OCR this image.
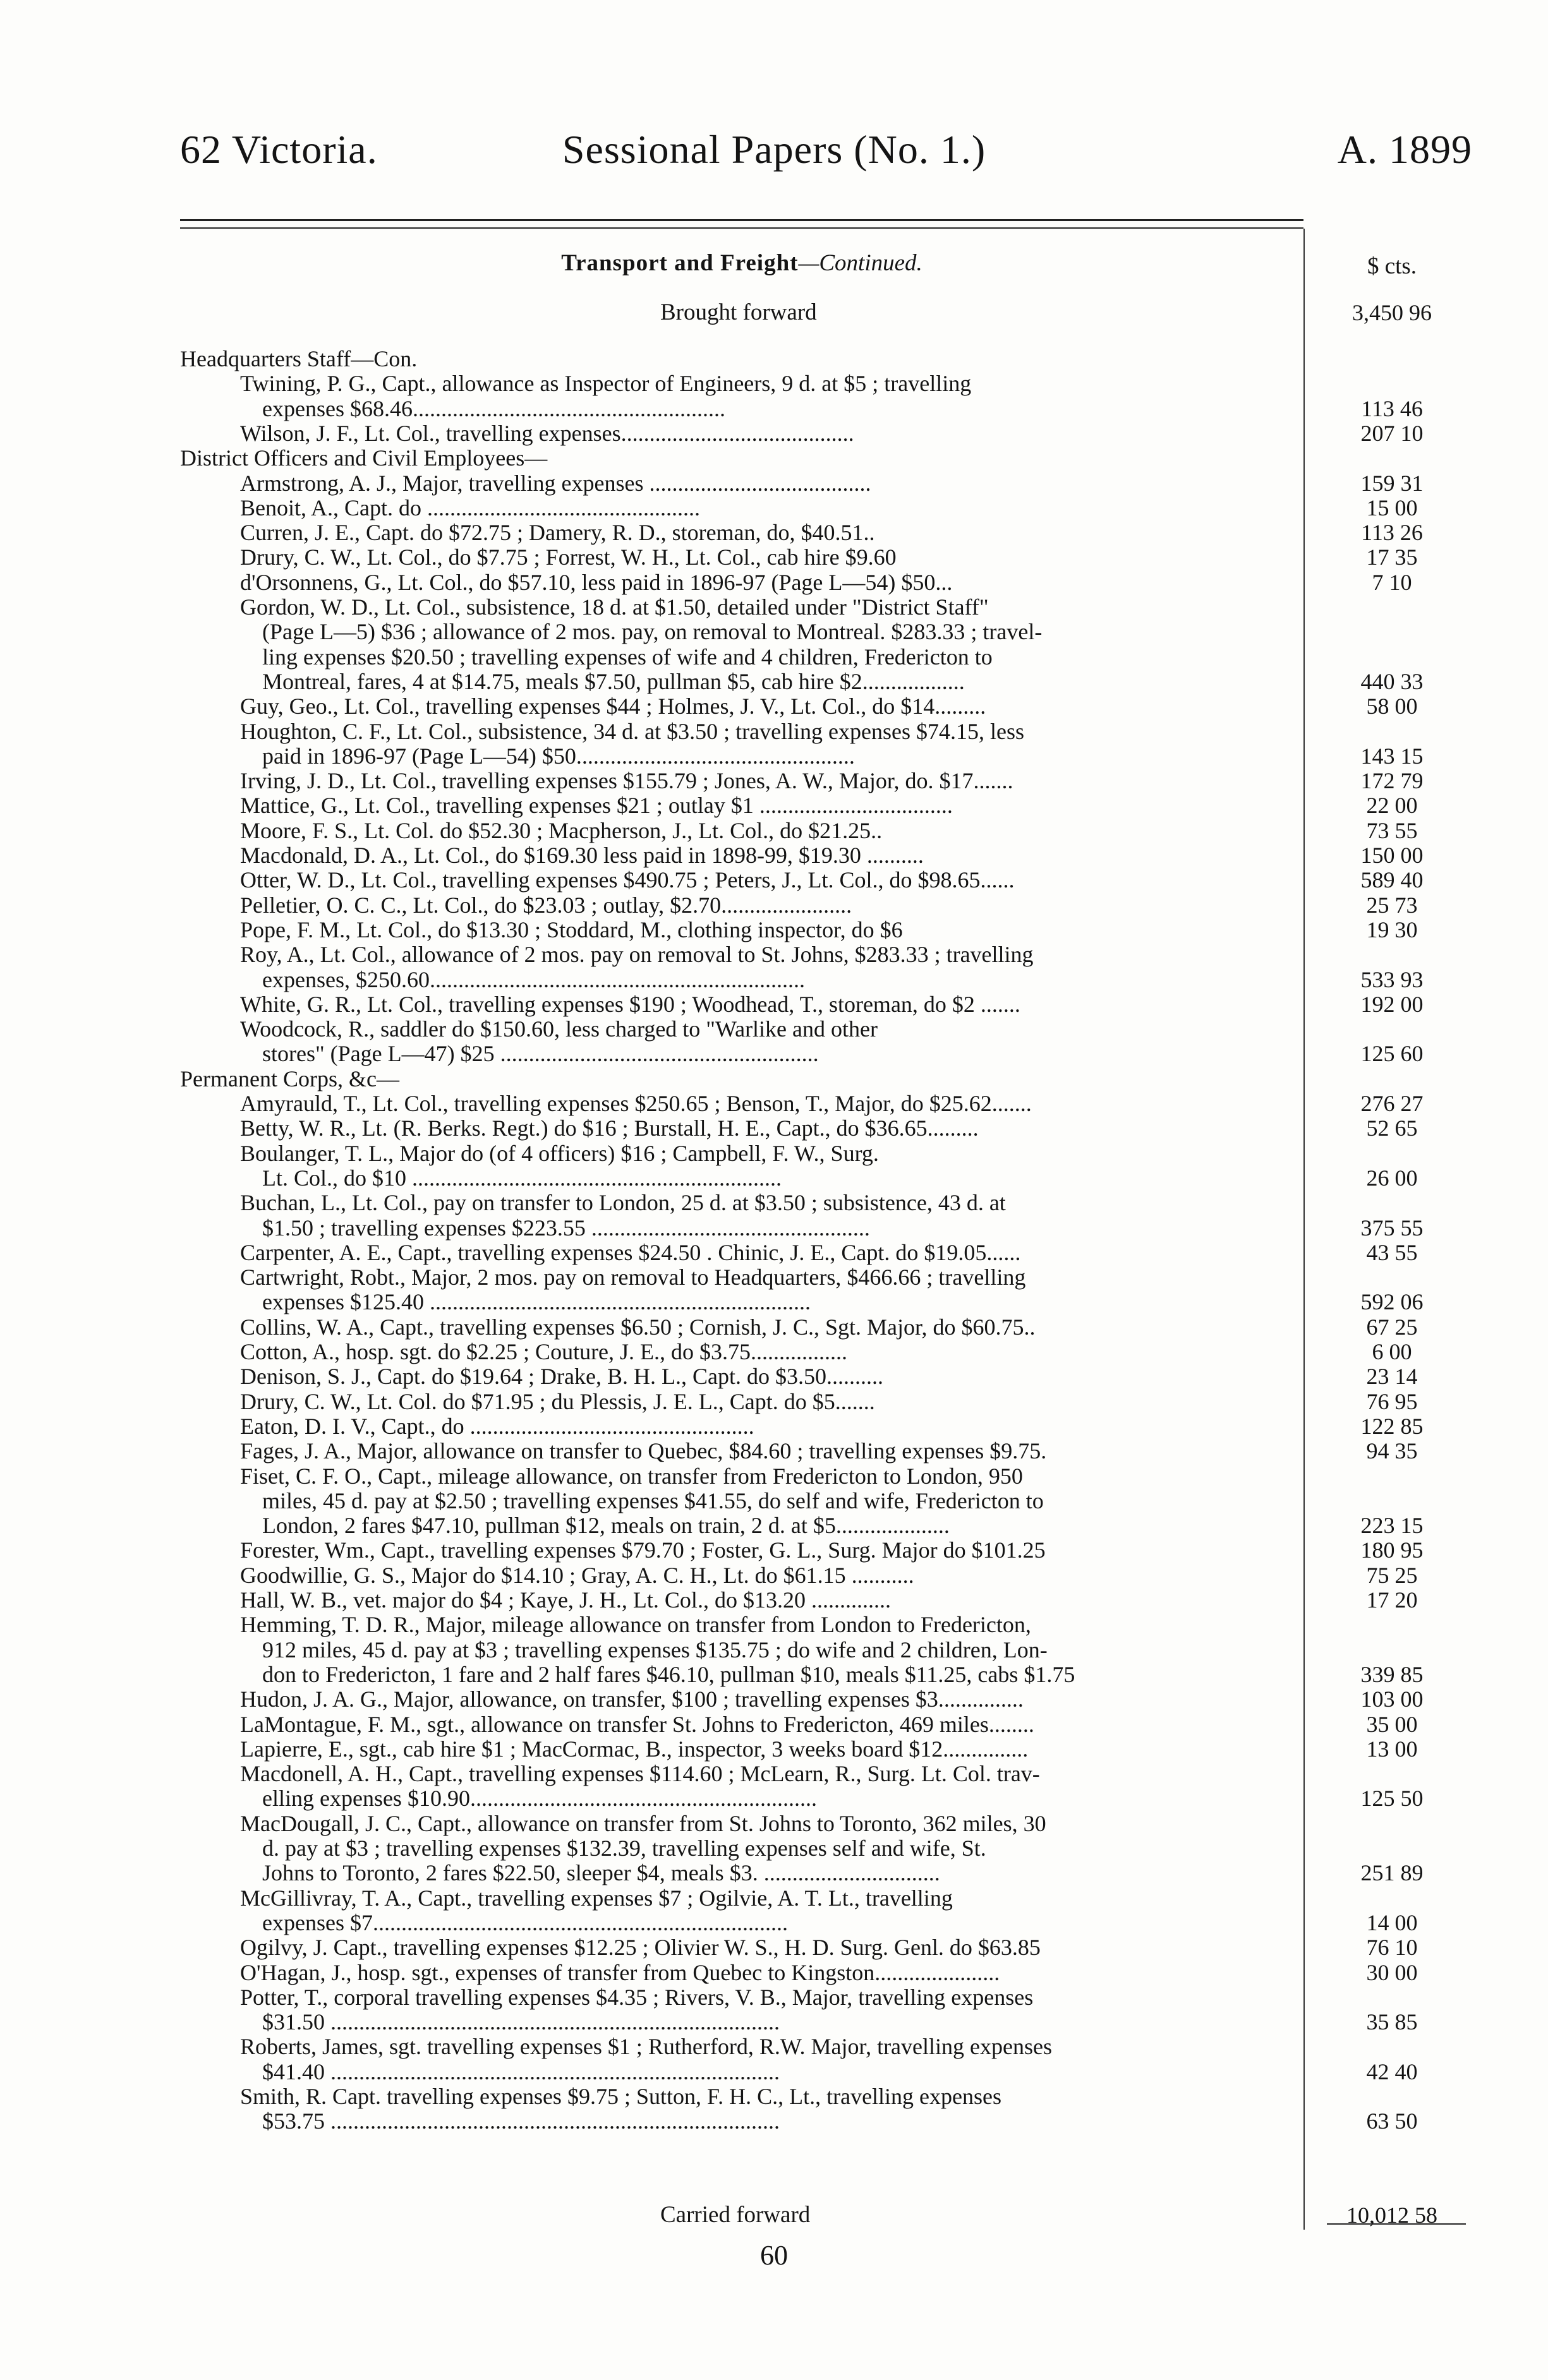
62 Victoria.	Sessional Papers (No. 1.)	A. 1899
Transport and Freight—Continued.	$ cts.
Brought forward	3,450 96
Headquarters Staff—Con.
Twining, P. G., Capt., allowance as Inspector of Engineers, 9 d. at $5 ; travelling
expenses $68.46.......................................................	113 46
Wilson, J. F., Lt. Col., travelling expenses.........................................	207 10
District Officers and Civil Employees—
Armstrong, A. J., Major, travelling expenses .......................................	159 31
Benoit, A., Capt. do ................................................	15 00
Curren, J. E., Capt. do $72.75 ; Damery, R. D., storeman, do, $40.51..	113 26
Drury, C. W., Lt. Col., do $7.75 ; Forrest, W. H., Lt. Col., cab hire $9.60	17 35
d'Orsonnens, G., Lt. Col., do $57.10, less paid in 1896-97 (Page L—54) $50...	7 10
Gordon, W. D., Lt. Col., subsistence, 18 d. at $1.50, detailed under "District Staff"
(Page L—5) $36 ; allowance of 2 mos. pay, on removal to Montreal. $283.33 ; travel-
ling expenses $20.50 ; travelling expenses of wife and 4 children, Fredericton to
Montreal, fares, 4 at $14.75, meals $7.50, pullman $5, cab hire $2..................	440 33
Guy, Geo., Lt. Col., travelling expenses $44 ; Holmes, J. V., Lt. Col., do $14.........	58 00
Houghton, C. F., Lt. Col., subsistence, 34 d. at $3.50 ; travelling expenses $74.15, less
paid in 1896-97 (Page L—54) $50.................................................	143 15
Irving, J. D., Lt. Col., travelling expenses $155.79 ; Jones, A. W., Major, do. $17.......	172 79
Mattice, G., Lt. Col., travelling expenses $21 ; outlay $1 ..................................	22 00
Moore, F. S., Lt. Col. do $52.30 ; Macpherson, J., Lt. Col., do $21.25..	73 55
Macdonald, D. A., Lt. Col., do $169.30 less paid in 1898-99, $19.30 ..........	150 00
Otter, W. D., Lt. Col., travelling expenses $490.75 ; Peters, J., Lt. Col., do $98.65......	589 40
Pelletier, O. C. C., Lt. Col., do $23.03 ; outlay, $2.70.......................	25 73
Pope, F. M., Lt. Col., do $13.30 ; Stoddard, M., clothing inspector, do $6	19 30
Roy, A., Lt. Col., allowance of 2 mos. pay on removal to St. Johns, $283.33 ; travelling
expenses, $250.60..................................................................	533 93
White, G. R., Lt. Col., travelling expenses $190 ; Woodhead, T., storeman, do $2 .......	192 00
Woodcock, R., saddler do $150.60, less charged to "Warlike and other
stores" (Page L—47) $25 ........................................................	125 60
Permanent Corps, &c—
Amyrauld, T., Lt. Col., travelling expenses $250.65 ; Benson, T., Major, do $25.62.......	276 27
Betty, W. R., Lt. (R. Berks. Regt.) do $16 ; Burstall, H. E., Capt., do $36.65.........	52 65
Boulanger, T. L., Major do (of 4 officers) $16 ; Campbell, F. W., Surg.
Lt. Col., do $10 .................................................................	26 00
Buchan, L., Lt. Col., pay on transfer to London, 25 d. at $3.50 ; subsistence, 43 d. at
$1.50 ; travelling expenses $223.55 .................................................	375 55
Carpenter, A. E., Capt., travelling expenses $24.50 . Chinic, J. E., Capt. do $19.05......	43 55
Cartwright, Robt., Major, 2 mos. pay on removal to Headquarters, $466.66 ; travelling
expenses $125.40 ...................................................................	592 06
Collins, W. A., Capt., travelling expenses $6.50 ; Cornish, J. C., Sgt. Major, do $60.75..	67 25
Cotton, A., hosp. sgt. do $2.25 ; Couture, J. E., do $3.75.................	6 00
Denison, S. J., Capt. do $19.64 ; Drake, B. H. L., Capt. do $3.50..........	23 14
Drury, C. W., Lt. Col. do $71.95 ; du Plessis, J. E. L., Capt. do $5.......	76 95
Eaton, D. I. V., Capt., do ..................................................	122 85
Fages, J. A., Major, allowance on transfer to Quebec, $84.60 ; travelling expenses $9.75.	94 35
Fiset, C. F. O., Capt., mileage allowance, on transfer from Fredericton to London, 950
miles, 45 d. pay at $2.50 ; travelling expenses $41.55, do self and wife, Fredericton to
London, 2 fares $47.10, pullman $12, meals on train, 2 d. at $5....................	223 15
Forester, Wm., Capt., travelling expenses $79.70 ; Foster, G. L., Surg. Major do $101.25	180 95
Goodwillie, G. S., Major do $14.10 ; Gray, A. C. H., Lt. do $61.15 ...........	75 25
Hall, W. B., vet. major do $4 ; Kaye, J. H., Lt. Col., do $13.20 ..............	17 20
Hemming, T. D. R., Major, mileage allowance on transfer from London to Fredericton,
912 miles, 45 d. pay at $3 ; travelling expenses $135.75 ; do wife and 2 children, Lon-
don to Fredericton, 1 fare and 2 half fares $46.10, pullman $10, meals $11.25, cabs $1.75	339 85
Hudon, J. A. G., Major, allowance, on transfer, $100 ; travelling expenses $3...............	103 00
LaMontague, F. M., sgt., allowance on transfer St. Johns to Fredericton, 469 miles........	35 00
Lapierre, E., sgt., cab hire $1 ; MacCormac, B., inspector, 3 weeks board $12...............	13 00
Macdonell, A. H., Capt., travelling expenses $114.60 ; McLearn, R., Surg. Lt. Col. trav-
elling expenses $10.90.............................................................	125 50
MacDougall, J. C., Capt., allowance on transfer from St. Johns to Toronto, 362 miles, 30
d. pay at $3 ; travelling expenses $132.39, travelling expenses self and wife, St.
Johns to Toronto, 2 fares $22.50, sleeper $4, meals $3. ...............................	251 89
McGillivray, T. A., Capt., travelling expenses $7 ; Ogilvie, A. T. Lt., travelling
expenses $7.........................................................................	14 00
Ogilvy, J. Capt., travelling expenses $12.25 ; Olivier W. S., H. D. Surg. Genl. do $63.85	76 10
O'Hagan, J., hosp. sgt., expenses of transfer from Quebec to Kingston......................	30 00
Potter, T., corporal travelling expenses $4.35 ; Rivers, V. B., Major, travelling expenses
$31.50 ...............................................................................	35 85
Roberts, James, sgt. travelling expenses $1 ; Rutherford, R.W. Major, travelling expenses
$41.40 ...............................................................................	42 40
Smith, R. Capt. travelling expenses $9.75 ; Sutton, F. H. C., Lt., travelling expenses
$53.75 ...............................................................................	63 50
Carried forward	10,012 58
60
